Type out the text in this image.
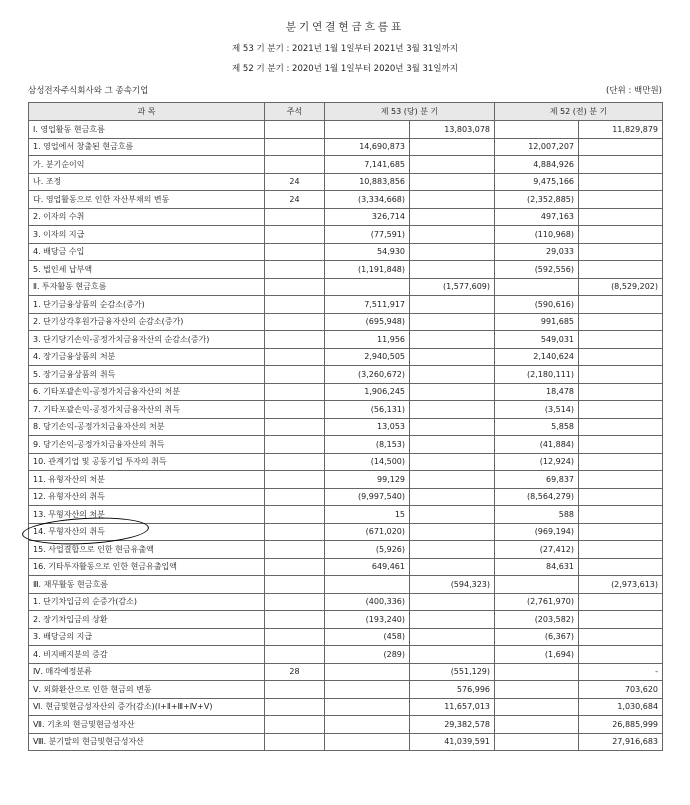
분기연결현금흐름표
제 53 기 분기 : 2021년 1월 1일부터 2021년 3월 31일까지
제 52 기 분기 : 2020년 1월 1일부터 2020년 3월 31일까지
삼성전자주식회사와 그 종속기업	(단위 : 백만원)
과 목	주석	제 53 (당) 분 기		제 52 (전) 분 기	
Ⅰ. 영업활동 현금흐름			13,803,078		11,829,879
1. 영업에서 창출된 현금흐름		14,690,873		12,007,207	
가. 분기순이익		7,141,685		4,884,926	
나. 조정	24	10,883,856		9,475,166	
다. 영업활동으로 인한 자산부채의 변동	24	(3,334,668)		(2,352,885)	
2. 이자의 수취		326,714		497,163	
3. 이자의 지급		(77,591)		(110,968)	
4. 배당금 수입		54,930		29,033	
5. 법인세 납부액		(1,191,848)		(592,556)	
Ⅱ. 투자활동 현금흐름			(1,577,609)		(8,529,202)
1. 단기금융상품의 순감소(증가)		7,511,917		(590,616)	
2. 단기상각후원가금융자산의 순감소(증가)		(695,948)		991,685	
3. 단기당기손익-공정가치금융자산의 순감소(증가)		11,956		549,031	
4. 장기금융상품의 처분		2,940,505		2,140,624	
5. 장기금융상품의 취득		(3,260,672)		(2,180,111)	
6. 기타포괄손익-공정가치금융자산의 처분		1,906,245		18,478	
7. 기타포괄손익-공정가치금융자산의 취득		(56,131)		(3,514)	
8. 당기손익-공정가치금융자산의 처분		13,053		5,858	
9. 당기손익-공정가치금융자산의 취득		(8,153)		(41,884)	
10. 관계기업 및 공동기업 투자의 취득		(14,500)		(12,924)	
11. 유형자산의 처분		99,129		69,837	
12. 유형자산의 취득		(9,997,540)		(8,564,279)	
13. 무형자산의 처분		15		588	
14. 무형자산의 취득		(671,020)		(969,194)	
15. 사업결합으로 인한 현금유출액		(5,926)		(27,412)	
16. 기타투자활동으로 인한 현금유출입액		649,461		84,631	
Ⅲ. 재무활동 현금흐름			(594,323)		(2,973,613)
1. 단기차입금의 순증가(감소)		(400,336)		(2,761,970)	
2. 장기차입금의 상환		(193,240)		(203,582)	
3. 배당금의 지급		(458)		(6,367)	
4. 비지배지분의 증감		(289)		(1,694)	
Ⅳ. 매각예정분류	28		(551,129)		-
Ⅴ. 외화환산으로 인한 현금의 변동			576,996		703,620
Ⅵ. 현금및현금성자산의 증가(감소)(Ⅰ+Ⅱ+Ⅲ+Ⅳ+Ⅴ)			11,657,013		1,030,684
Ⅶ. 기초의 현금및현금성자산			29,382,578		26,885,999
Ⅷ. 분기말의 현금및현금성자산			41,039,591		27,916,683
